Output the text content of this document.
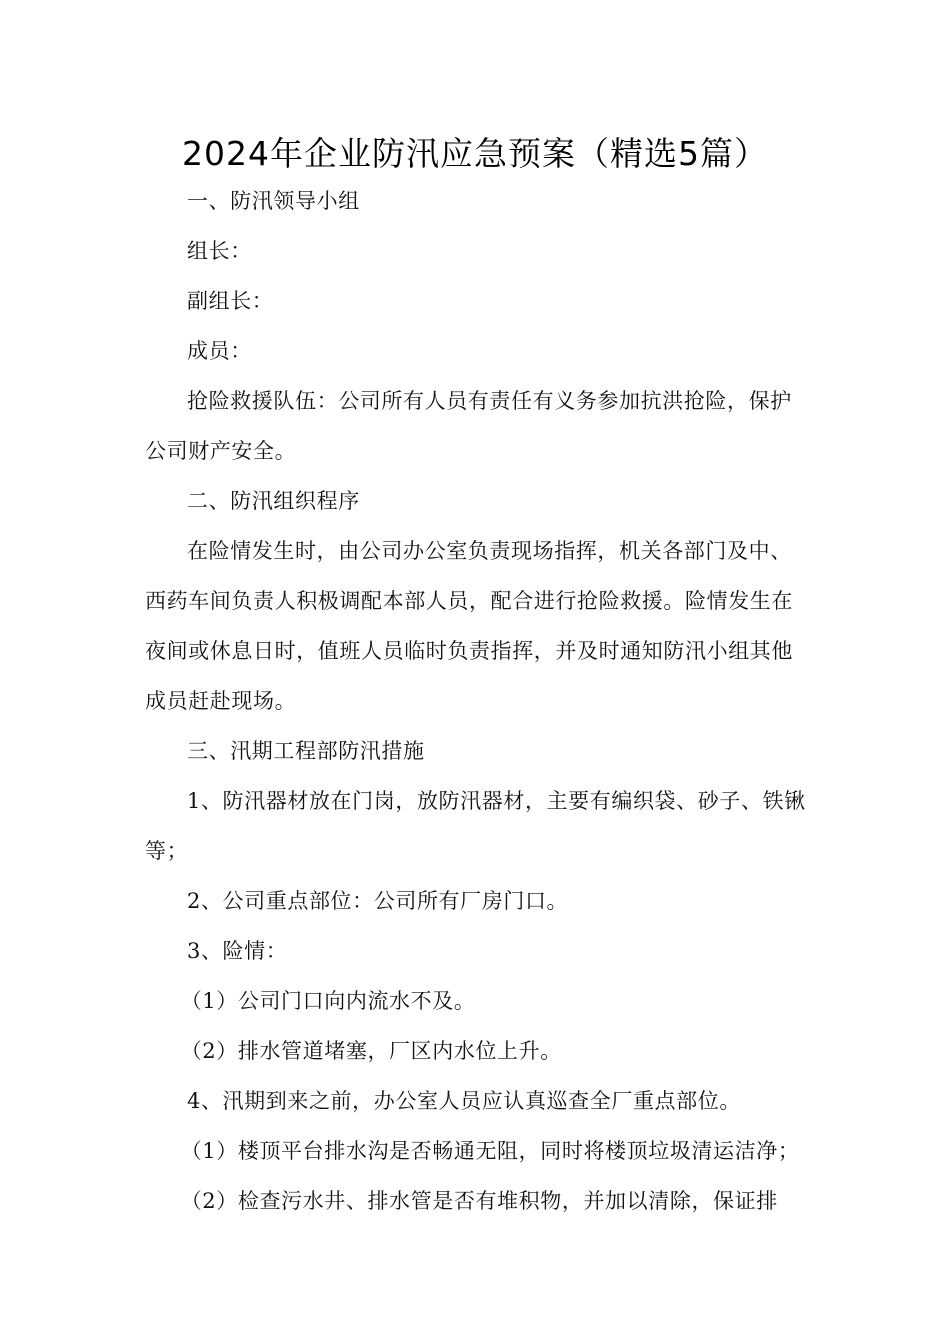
2024年企业防汛应急预案（精选5篇）

一、防汛领导小组

组长：

副组长：

成员：

抢险救援队伍：公司所有人员有责任有义务参加抗洪抢险，保护公司财产安全。

二、防汛组织程序

在险情发生时，由公司办公室负责现场指挥，机关各部门及中、西药车间负责人积极调配本部人员，配合进行抢险救援。险情发生在夜间或休息日时，值班人员临时负责指挥，并及时通知防汛小组其他成员赶赴现场。

三、汛期工程部防汛措施

1、防汛器材放在门岗，放防汛器材，主要有编织袋、砂子、铁锹等；

2、公司重点部位：公司所有厂房门口。

3、险情：

（1）公司门口向内流水不及。

（2）排水管道堵塞，厂区内水位上升。

4、汛期到来之前，办公室人员应认真巡查全厂重点部位。

（1）楼顶平台排水沟是否畅通无阻，同时将楼顶垃圾清运洁净；

（2）检查污水井、排水管是否有堆积物，并加以清除，保证排
